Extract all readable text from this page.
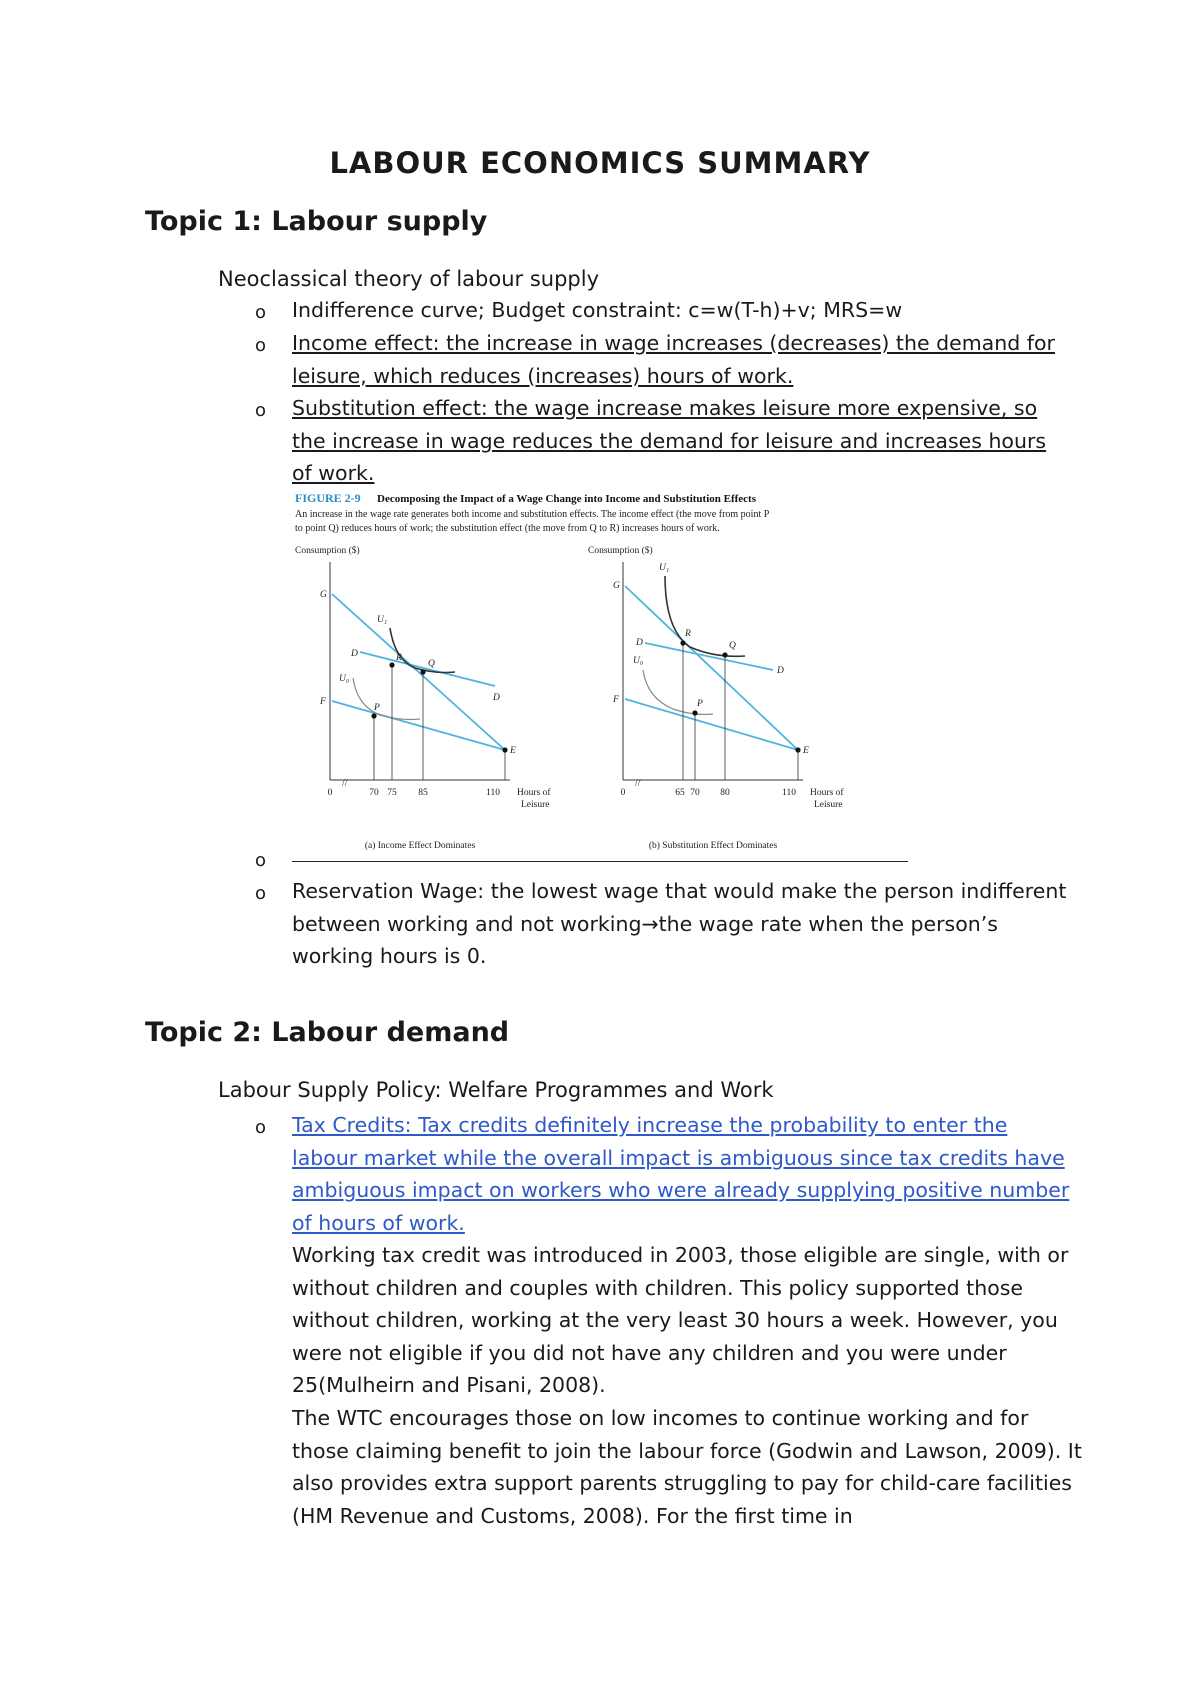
LABOUR ECONOMICS SUMMARY
Topic 1: Labour supply
Neoclassical theory of labour supply
o Indifference curve; Budget constraint: c=w(T-h)+v; MRS=w
o Income effect: the increase in wage increases (decreases) the demand for leisure, which reduces (increases) hours of work.
o Substitution effect: the wage increase makes leisure more expensive, so the increase in wage reduces the demand for leisure and increases hours of work.
FIGURE 2-9 Decomposing the Impact of a Wage Change into Income and Substitution Effects
An increase in the wage rate generates both income and substitution effects. The income effect (the move from point P
to point Q) reduces hours of work; the substitution effect (the move from Q to R) increases hours of work.
Consumption ($)
//
G
U₁
R
Q
D
D
U₀
F
P
E
0	70 75 85	110 Hours of
Leisure
(a) Income Effect Dominates
Consumption ($)
//
U₁
G
R
D	Q
D
U₀
F	P
E
0	65 70 80	110 Hours of
Leisure
(b) Substitution Effect Dominates
o
o Reservation Wage: the lowest wage that would make the person indifferent between working and not working→the wage rate when the person’s working hours is 0.
Topic 2: Labour demand
Labour Supply Policy: Welfare Programmes and Work
o Tax Credits: Tax credits definitely increase the probability to enter the labour market while the overall impact is ambiguous since tax credits have ambiguous impact on workers who were already supplying positive number of hours of work.
Working tax credit was introduced in 2003, those eligible are single, with or without children and couples with children. This policy supported those without children, working at the very least 30 hours a week. However, you were not eligible if you did not have any children and you were under 25(Mulheirn and Pisani, 2008).
The WTC encourages those on low incomes to continue working and for those claiming benefit to join the labour force (Godwin and Lawson, 2009). It also provides extra support parents struggling to pay for child-care facilities (HM Revenue and Customs, 2008). For the first time in
